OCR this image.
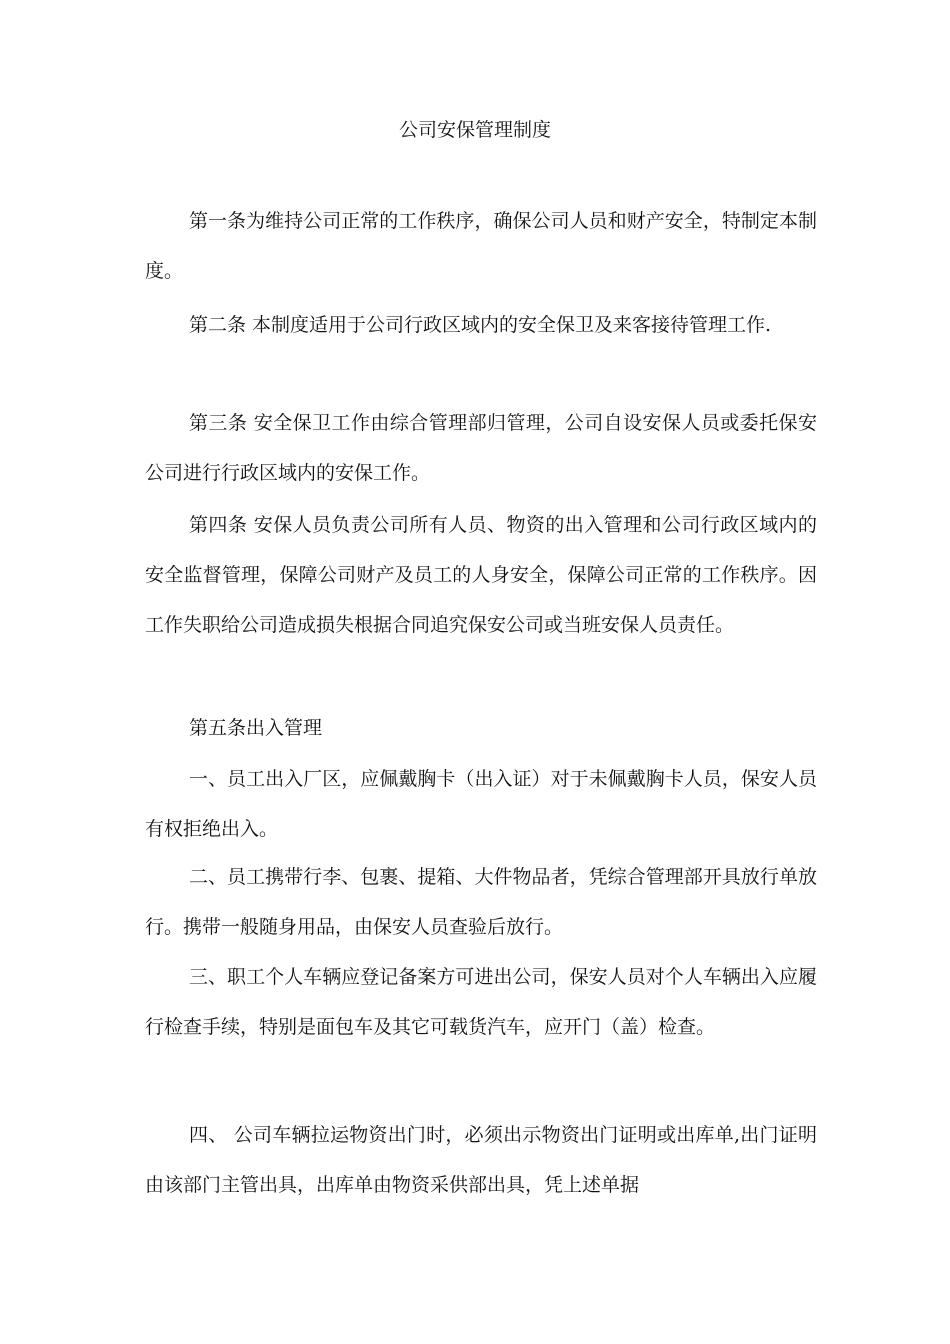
公司安保管理制度

第一条为维持公司正常的工作秩序，确保公司人员和财产安全，特制定本制度。

第二条 本制度适用于公司行政区域内的安全保卫及来客接待管理工作.

第三条 安全保卫工作由综合管理部归管理，公司自设安保人员或委托保安公司进行行政区域内的安保工作。

第四条 安保人员负责公司所有人员、物资的出入管理和公司行政区域内的安全监督管理，保障公司财产及员工的人身安全，保障公司正常的工作秩序。因工作失职给公司造成损失根据合同追究保安公司或当班安保人员责任。

第五条出入管理

一、员工出入厂区，应佩戴胸卡（出入证）对于未佩戴胸卡人员，保安人员有权拒绝出入。

二、员工携带行李、包裹、提箱、大件物品者，凭综合管理部开具放行单放行。携带一般随身用品，由保安人员查验后放行。

三、职工个人车辆应登记备案方可进出公司，保安人员对个人车辆出入应履行检查手续，特别是面包车及其它可载货汽车，应开门（盖）检查。

四、 公司车辆拉运物资出门时，必须出示物资出门证明或出库单,出门证明由该部门主管出具，出库单由物资采供部出具，凭上述单据
